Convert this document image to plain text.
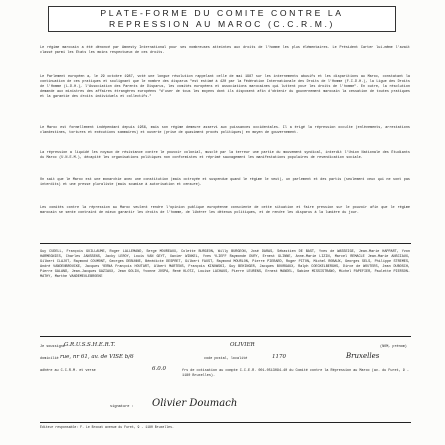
PLATE-FORME DU COMITE CONTRE LA
REPRESSION AU MAROC (C.C.R.M.)
Le régime marocain a été dénoncé par Amnesty International pour ses nombreuses atteintes aux droits de l'homme les plus élémentaires. Le Président Carter lui-même l'avait classé parmi les États les moins respectueux de ces droits.
Le Parlement européen a, le 29 octobre 1987, voté une longue résolution rappelant celle de mai 1987 sur les internements abusifs et les disparitions au Maroc, constatant la continuation de ces pratiques et soulignant que le nombre des disparus "est estimé à 420 par la Fédération Internationale des Droits de l'Homme (F.I.D.H.), la Ligue des Droits de l'Homme (L.D.H.), l'Association des Parents de Disparus, les comités européens et associations marocaines qui luttent pour les droits de l'homme". En outre, la résolution demande aux ministres des affaires étrangères européens "d'user de tous les moyens dont ils disposent afin d'obtenir du gouvernement marocain la cessation de toutes pratiques et la garantie des droits individuels et collectifs."
Le Maroc est formellement indépendant depuis 1956, mais son régime demeure asservi aux puissances occidentales. Il a érigé la répression occulte (enlèvements, arrestations clandestines, tortures et exécutions sommaires) et ouverte (prise de quasiment procès politiques) en moyen de gouvernement.
La répression a liquidé les noyaux de résistance contre le pouvoir colonial, musclé par la terreur une partie du mouvement syndical, interdit l'Union Nationale des Étudiants du Maroc (U.N.E.M.), décapité les organisations politiques non conformistes et réprimé sauvagement les manifestations populaires de revendication sociale.
On sait que le Maroc est une monarchie avec une constitution (mais octroyée et suspendue quand le régime le veut), un parlement et des partis (seulement ceux qui ne sont pas interdits) et une presse pluraliste (mais soumise à autorisation et censure).
Les comités contre la répression au Maroc veulent rendre l'opinion publique européenne consciente de cette situation et faire pression sur le pouvoir afin que le régime marocain se sente contraint de mieux garantir les droits de l'homme, de libérer les détenus politiques, et de rendre les disparus à la lumière du jour.
Guy CUDELL, François GUILLAUME, Roger LALLEMAND, Serge MOUREAUX, Colette BURGEON, Willy BURGEON, José DARAS, Sébastien DE BAST, Yves de WASSEIGE, Jean-Marie HAPPART, Yvon HARMEGNIES, Charles JANSSENS, Jacky LEROY, Louis VAN GEYT, Xavier WINKEL, Yves YLIEFF Raymonde DURY, Ernest GLINNE, Anne-Marie LIZIN, Marcel REMACLE Jean-Marie ANSCIAUX, Gilbert CLAJOT, Raymond COUMONT, Georges DEBUNNE, Bénédicte DESPRET, Gilbert FAUST, Raymond MOURLON, Pierre PIERARD, Roger PITON, Michel ROBAUX, Georges SELS, Philippe STREMES, André VANDENBROUCKE, Jacques YERNA François HOUTART, Albert MARTENS, François KINOWSKI, Guy BEHINGER, Jacques BOURGAUX, Ralph COECKELBERGHS, Dirce de WOUTERS, Jean DUBOSCH, Pierre GALAND, Jean-Jacques GAZIAUX, Jean GOLIN, Yvonne JOSPA, René KLOTZ, Louise LACHAUS, Pierre LEURENS, Ernest MANDEL, Sabine MISSISTRANO, Michel PAPEFIER, Paulette PIERSON-MATHY, Marthe VANDEMEULEBROEKE
Je soussigné G.R.U.S.S.H.E.R.T.	OLIVIER	(NOM, prénom)
domicilié rue, nr 61, av. de VISE b/6	code postal, localité	1170	Bruxelles
adhère au C.C.R.M. et verse	6.0.0	frs de cotisation au compte C.C.E.R. 001-0513094-40 du Comité contre la Répression au Maroc (av. du Furet, 9 - 1180 Bruxelles).
signature : Olivier Doumach
Éditeur responsable: F. Le Brocat avenue du Furet, 9 - 1180 Bruxelles.
